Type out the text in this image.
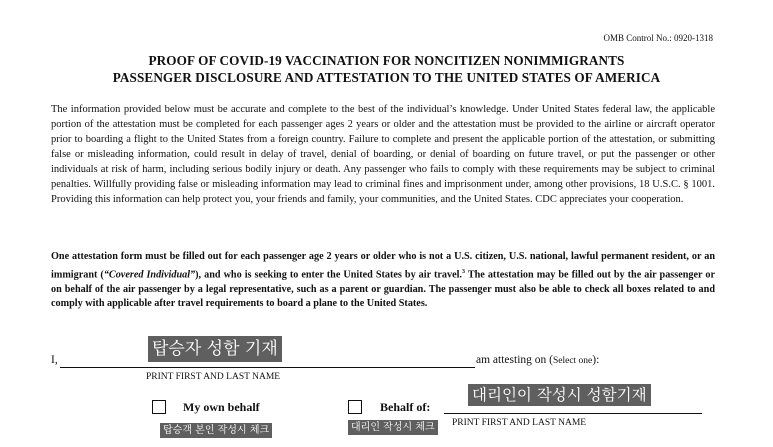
OMB Control No.: 0920-1318
PROOF OF COVID-19 VACCINATION FOR NONCITIZEN NONIMMIGRANTS
PASSENGER DISCLOSURE AND ATTESTATION TO THE UNITED STATES OF AMERICA

The information provided below must be accurate and complete to the best of the individual’s knowledge. Under United States federal law, the applicable portion of the attestation must be completed for each passenger ages 2 years or older and the attestation must be provided to the airline or aircraft operator prior to boarding a flight to the United States from a foreign country. Failure to complete and present the applicable portion of the attestation, or submitting false or misleading information, could result in delay of travel, denial of boarding, or denial of boarding on future travel, or put the passenger or other individuals at risk of harm, including serious bodily injury or death. Any passenger who fails to comply with these requirements may be subject to criminal penalties. Willfully providing false or misleading information may lead to criminal fines and imprisonment under, among other provisions, 18 U.S.C. § 1001. Providing this information can help protect you, your friends and family, your communities, and the United States. CDC appreciates your cooperation.

One attestation form must be filled out for each passenger age 2 years or older who is not a U.S. citizen, U.S. national, lawful permanent resident, or an immigrant (“Covered Individual”), and who is seeking to enter the United States by air travel.$^3$ The attestation may be filled out by the air passenger or on behalf of the air passenger by a legal representative, such as a parent or guardian. The passenger must also be able to check all boxes related to and comply with applicable after travel requirements to board a plane to the United States.

I,	am attesting on (Select one):
PRINT FIRST AND LAST NAME
My own behalf	Behalf of:
PRINT FIRST AND LAST NAME
탑승자 성함 기재
대리인이 작성시 성함기재
탑승객 본인 작성시 체크	대리인 작성시 체크
